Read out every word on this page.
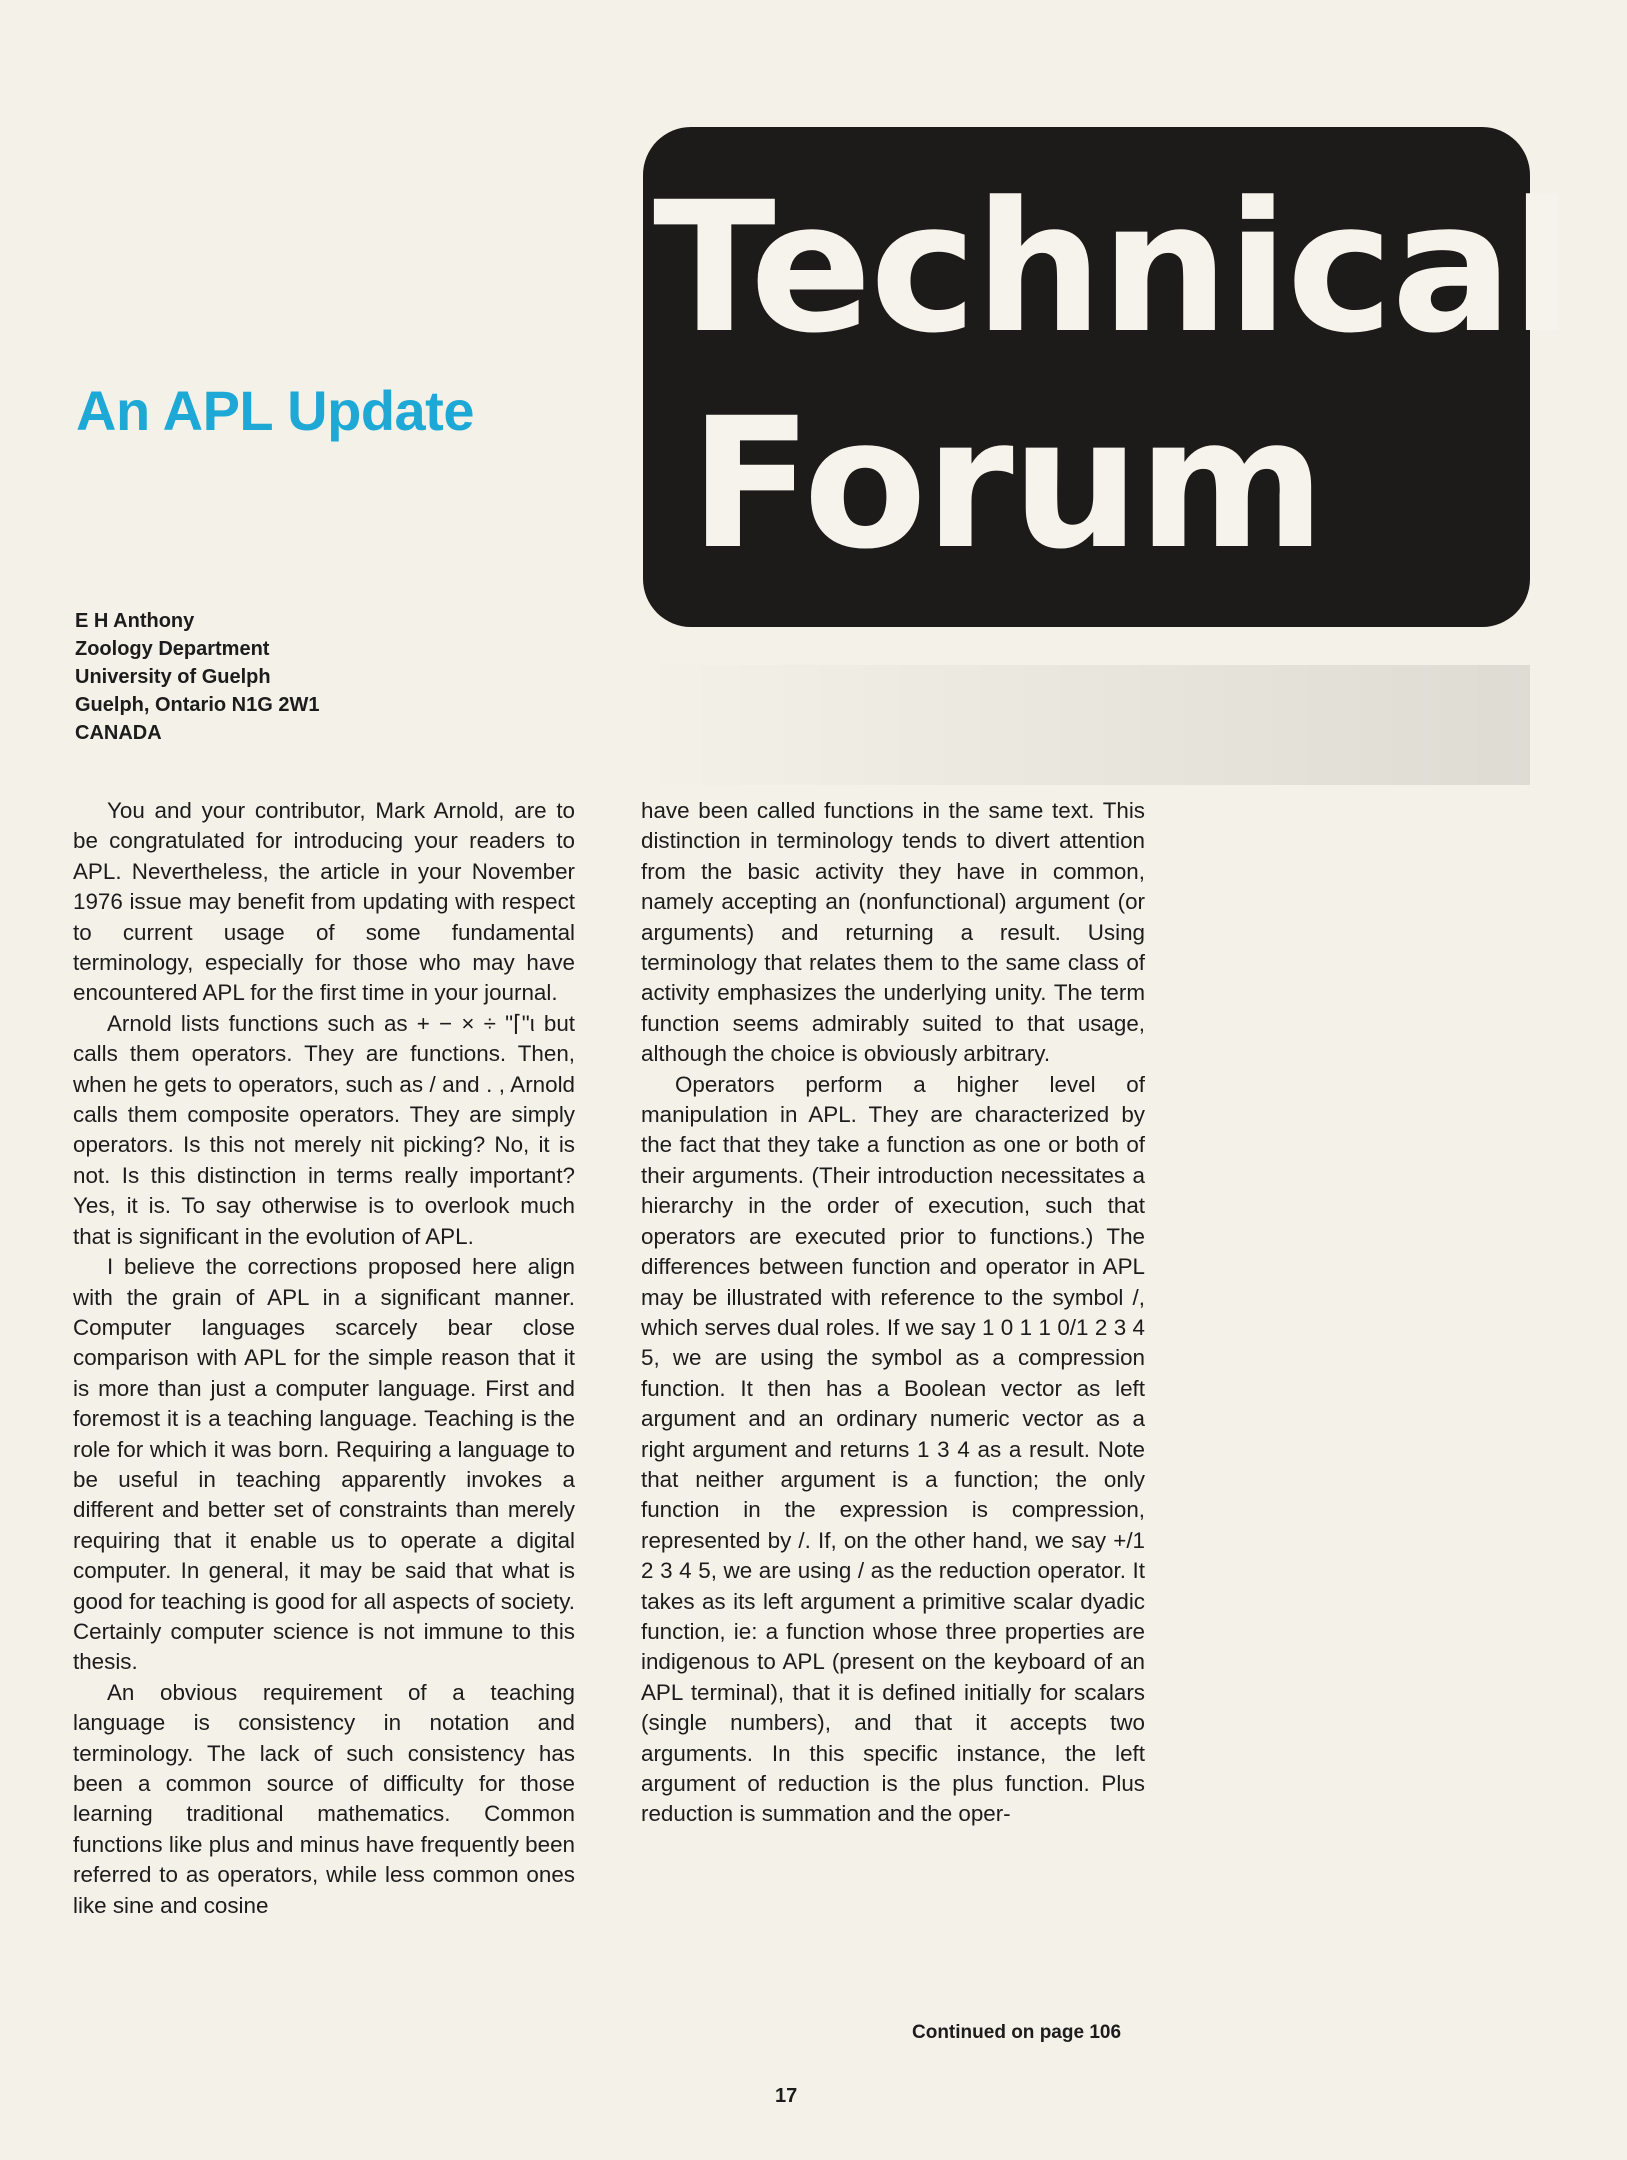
Technical
Forum
An APL Update
E H Anthony
Zoology Department
University of Guelph
Guelph, Ontario N1G 2W1
CANADA

You and your contributor, Mark Arnold, are to be congratulated for introducing your readers to APL. Nevertheless, the article in your November 1976 issue may benefit from updating with respect to current usage of some fundamental terminology, especially for those who may have encountered APL for the first time in your journal.

Arnold lists functions such as + − × ÷ "⌈"ι but calls them operators. They are functions. Then, when he gets to operators, such as / and . , Arnold calls them composite operators. They are simply operators. Is this not merely nit picking? No, it is not. Is this distinction in terms really important? Yes, it is. To say otherwise is to overlook much that is significant in the evolution of APL.

I believe the corrections proposed here align with the grain of APL in a significant manner. Computer languages scarcely bear close comparison with APL for the simple reason that it is more than just a computer language. First and foremost it is a teaching language. Teaching is the role for which it was born. Requiring a language to be useful in teaching apparently invokes a different and better set of constraints than merely requiring that it enable us to operate a digital computer. In general, it may be said that what is good for teaching is good for all aspects of society. Certainly computer science is not immune to this thesis.

An obvious requirement of a teaching language is consistency in notation and terminology. The lack of such consistency has been a common source of difficulty for those learning traditional mathematics. Common functions like plus and minus have frequently been referred to as operators, while less common ones like sine and cosine

have been called functions in the same text. This distinction in terminology tends to divert attention from the basic activity they have in common, namely accepting an (nonfunctional) argument (or arguments) and returning a result. Using terminology that relates them to the same class of activity emphasizes the underlying unity. The term function seems admirably suited to that usage, although the choice is obviously arbitrary.

Operators perform a higher level of manipulation in APL. They are characterized by the fact that they take a function as one or both of their arguments. (Their introduction necessitates a hierarchy in the order of execution, such that operators are executed prior to functions.) The differences between function and operator in APL may be illustrated with reference to the symbol /, which serves dual roles. If we say 1 0 1 1 0/1 2 3 4 5, we are using the symbol as a compression function. It then has a Boolean vector as left argument and an ordinary numeric vector as a right argument and returns 1 3 4 as a result. Note that neither argument is a function; the only function in the expression is compression, represented by /. If, on the other hand, we say +/1 2 3 4 5, we are using / as the reduction operator. It takes as its left argument a primitive scalar dyadic function, ie: a function whose three properties are indigenous to APL (present on the keyboard of an APL terminal), that it is defined initially for scalars (single numbers), and that it accepts two arguments. In this specific instance, the left argument of reduction is the plus function. Plus reduction is summation and the oper-

Continued on page 106
17
